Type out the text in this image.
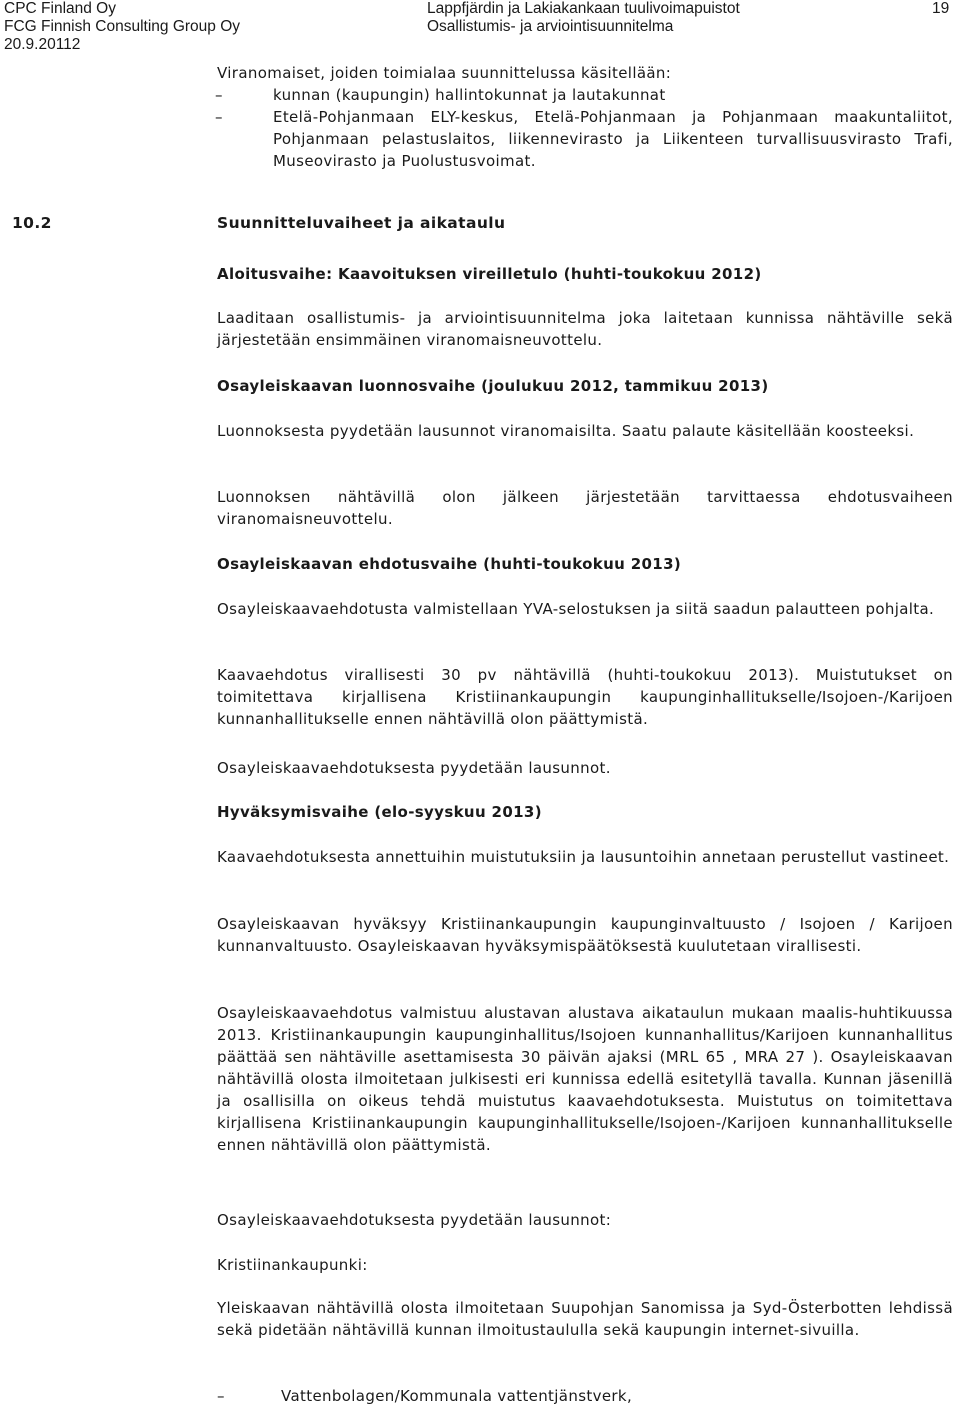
CPC Finland Oy
FCG Finnish Consulting Group Oy
20.9.20112
Lappfjärdin ja Lakiakankaan tuulivoimapuistot
Osallistumis- ja arviointisuunnitelma
19

Viranomaiset, joiden toimialaa suunnittelussa käsitellään:

–	kunnan (kaupungin) hallintokunnat ja lautakunnat
–	Etelä-Pohjanmaan ELY-keskus, Etelä-Pohjanmaan ja Pohjanmaan maakuntaliitot, Pohjanmaan pelastuslaitos, liikennevirasto ja Liikenteen turvallisuusvirasto Trafi, Museovirasto ja Puolustusvoimat.
10.2	Suunnitteluvaiheet ja aikataulu
Aloitusvaihe: Kaavoituksen vireilletulo (huhti-toukokuu 2012)

Laaditaan osallistumis- ja arviointisuunnitelma joka laitetaan kunnissa nähtäville sekä järjestetään ensimmäinen viranomaisneuvottelu.

Osayleiskaavan luonnosvaihe (joulukuu 2012, tammikuu 2013)

Luonnoksesta pyydetään lausunnot viranomaisilta. Saatu palaute käsitellään koosteeksi.

Luonnoksen nähtävillä olon jälkeen järjestetään tarvittaessa ehdotusvaiheen viranomaisneuvottelu.

Osayleiskaavan ehdotusvaihe (huhti-toukokuu 2013)

Osayleiskaavaehdotusta valmistellaan YVA-selostuksen ja siitä saadun palautteen pohjalta.

Kaavaehdotus virallisesti 30 pv nähtävillä (huhti-toukokuu 2013). Muistutukset on toimitettava kirjallisena Kristiinankaupungin kaupunginhallitukselle/Isojoen-/Karijoen kunnanhallitukselle ennen nähtävillä olon päättymistä.

Osayleiskaavaehdotuksesta pyydetään lausunnot.

Hyväksymisvaihe (elo-syyskuu 2013)

Kaavaehdotuksesta annettuihin muistutuksiin ja lausuntoihin annetaan perustellut vastineet.

Osayleiskaavan hyväksyy Kristiinankaupungin kaupunginvaltuusto / Isojoen / Karijoen kunnanvaltuusto. Osayleiskaavan hyväksymispäätöksestä kuulutetaan virallisesti.

Osayleiskaavaehdotus valmistuu alustavan alustava aikataulun mukaan maalis-huhtikuussa 2013. Kristiinankaupungin kaupunginhallitus/Isojoen kunnanhallitus/Karijoen kunnanhallitus päättää sen nähtäville asettamisesta 30 päivän ajaksi (MRL 65 , MRA 27 ). Osayleiskaavan nähtävillä olosta ilmoitetaan julkisesti eri kunnissa edellä esitetyllä tavalla. Kunnan jäsenillä ja osallisilla on oikeus tehdä muistutus kaavaehdotuksesta. Muistutus on toimitettava kirjallisena Kristiinankaupungin kaupunginhallitukselle/Isojoen-/Karijoen kunnanhallitukselle ennen nähtävillä olon päättymistä.

Osayleiskaavaehdotuksesta pyydetään lausunnot:

Kristiinankaupunki:

Yleiskaavan nähtävillä olosta ilmoitetaan Suupohjan Sanomissa ja Syd-Österbotten lehdissä sekä pidetään nähtävillä kunnan ilmoitustaululla sekä kaupungin internet-sivuilla.

–	Vattenbolagen/Kommunala vattentjänstverk,
